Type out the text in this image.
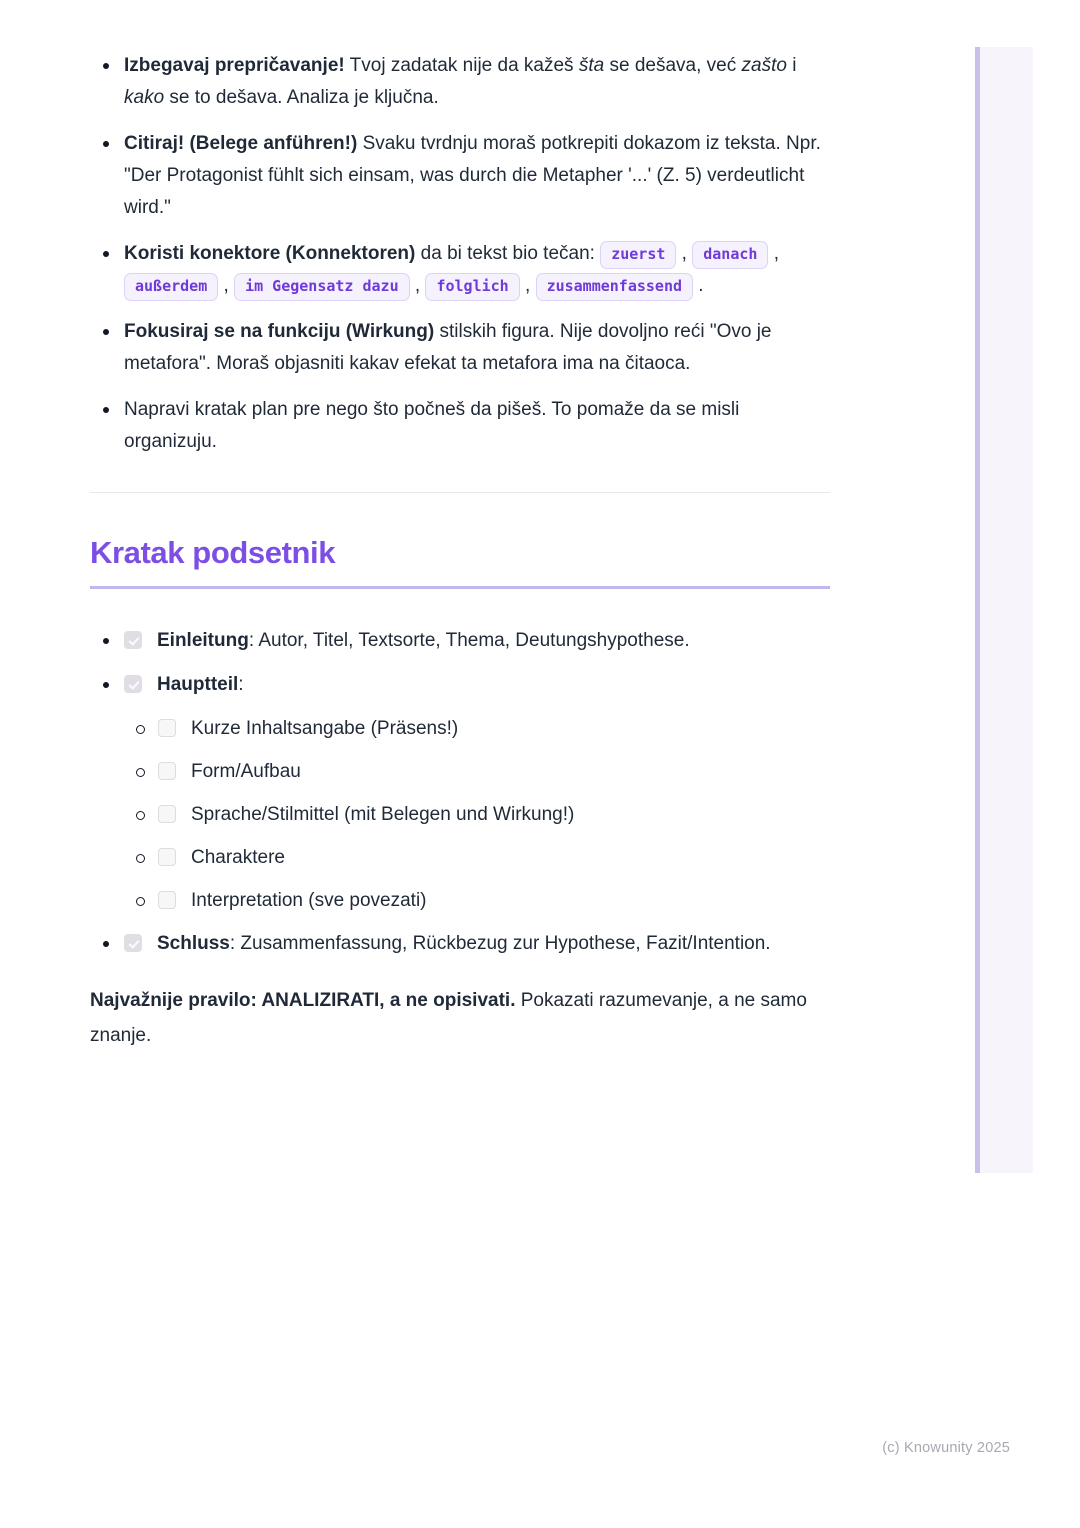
Izbegavaj prepričavanje! Tvoj zadatak nije da kažeš šta se dešava, već zašto i kako se to dešava. Analiza je ključna.
Citiraj! (Belege anführen!) Svaku tvrdnju moraš potkrepiti dokazom iz teksta. Npr. "Der Protagonist fühlt sich einsam, was durch die Metapher '...' (Z. 5) verdeutlicht wird."
Koristi konektore (Konnektoren) da bi tekst bio tečan: zuerst , danach , außerdem , im Gegensatz dazu , folglich , zusammenfassend .
Fokusiraj se na funkciju (Wirkung) stilskih figura. Nije dovoljno reći "Ovo je metafora". Moraš objasniti kakav efekat ta metafora ima na čitaoca.
Napravi kratak plan pre nego što počneš da pišeš. To pomaže da se misli organizuju.
Kratak podsetnik
Einleitung: Autor, Titel, Textsorte, Thema, Deutungshypothese.
Hauptteil:
Kurze Inhaltsangabe (Präsens!)
Form/Aufbau
Sprache/Stilmittel (mit Belegen und Wirkung!)
Charaktere
Interpretation (sve povezati)
Schluss: Zusammenfassung, Rückbezug zur Hypothese, Fazit/Intention.

Najvažnije pravilo: ANALIZIRATI, a ne opisivati. Pokazati razumevanje, a ne samo znanje.

(c) Knowunity 2025
